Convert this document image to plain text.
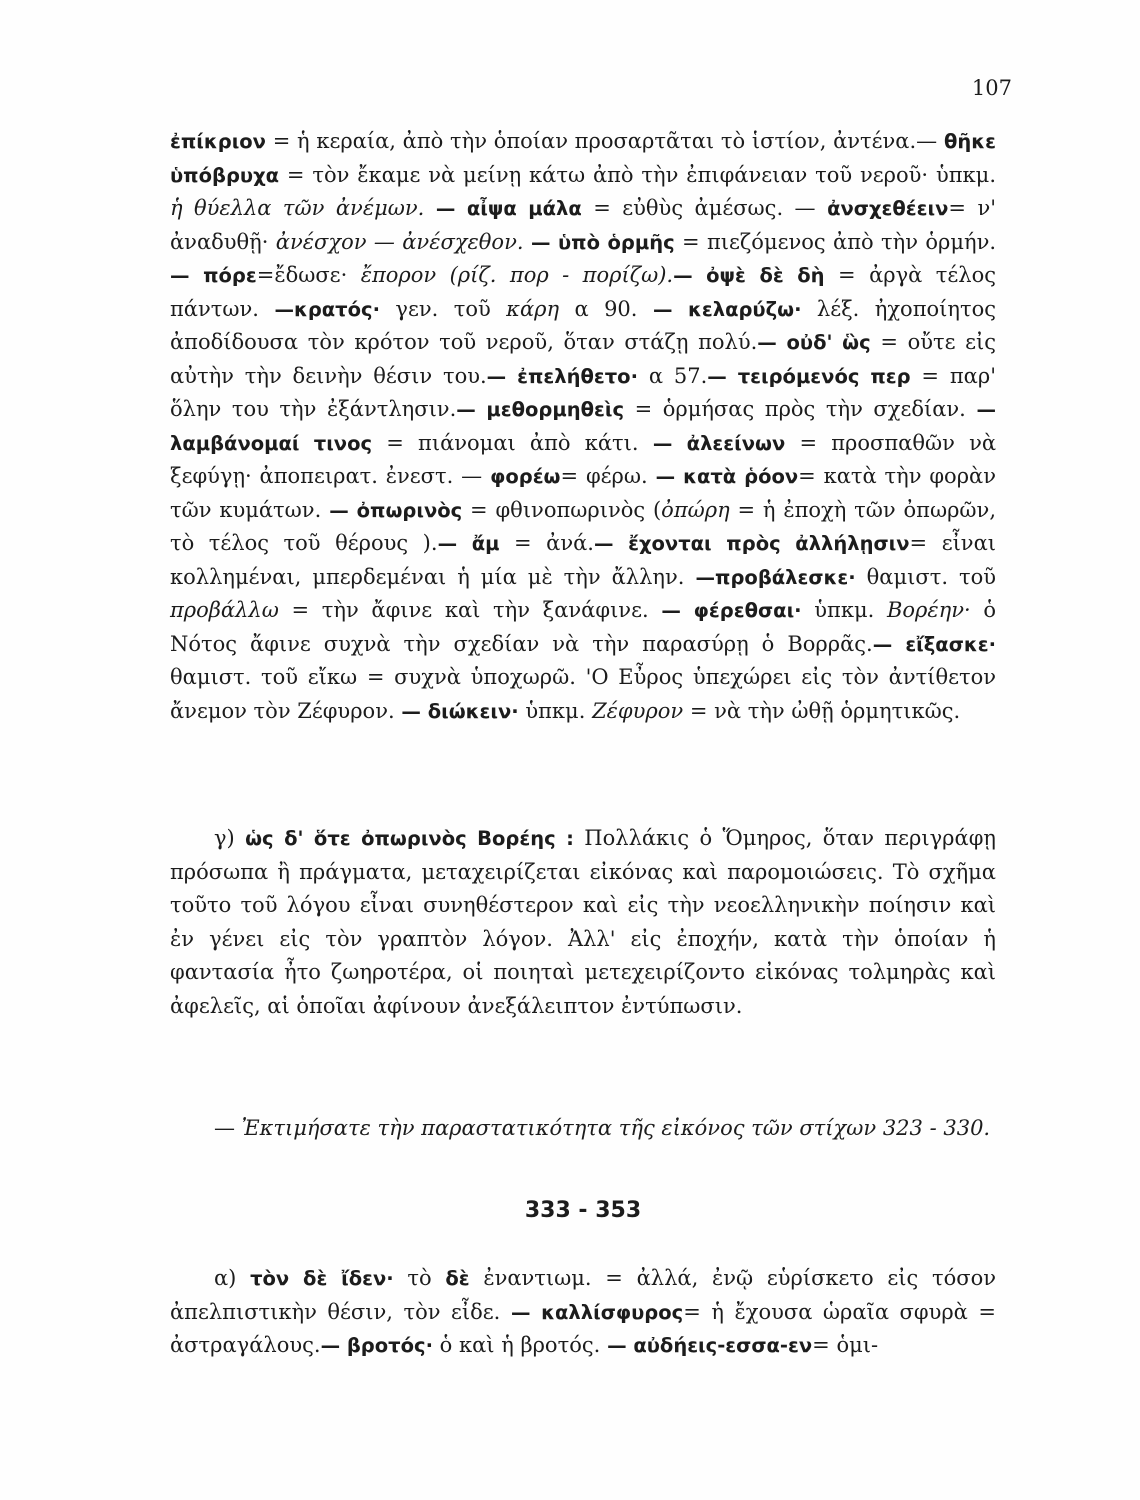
107
ἐπίκριον = ἡ κεραία, ἀπὸ τὴν ὁποίαν προσαρτᾶται τὸ ἱστίον, ἀντένα.— θῆκε ὑπόβρυχα = τὸν ἔκαμε νὰ μείνῃ κάτω ἀπὸ τὴν ἐπιφάνειαν τοῦ νεροῦ· ὑπκμ. ἡ θύελλα τῶν ἀνέμων. — αἶψα μάλα = εὐθὺς ἀμέσως. — ἀνσχεθέειν= ν' ἀναδυθῇ· ἀνέσχον — ἀνέσχεθον. — ὑπὸ ὁρμῆς = πιεζόμενος ἀπὸ τὴν ὁρμήν. — πόρε=ἔδωσε· ἔπορον (ρίζ. πορ - πορίζω).— ὀψὲ δὲ δὴ = ἀργὰ τέλος πάντων. —κρατός· γεν. τοῦ κάρη α 90. — κελαρύζω· λέξ. ἠχοποίητος ἀποδίδουσα τὸν κρότον τοῦ νεροῦ, ὅταν στάζῃ πολύ.— οὐδ' ὣς = οὔτε εἰς αὐτὴν τὴν δεινὴν θέσιν του.— ἐπελήθετο· α 57.— τειρόμενός περ = παρ' ὅλην του τὴν ἐξάντλησιν.— μεθορμηθεὶς = ὁρμήσας πρὸς τὴν σχεδίαν. — λαμβάνομαί τινος = πιάνομαι ἀπὸ κάτι. — ἀλεείνων = προσπαθῶν νὰ ξεφύγῃ· ἀποπειρατ. ἐνεστ. — φορέω= φέρω. — κατὰ ῥόον= κατὰ τὴν φορὰν τῶν κυμάτων. — ὀπωρινὸς = φθινοπωρινὸς (ὀπώρη = ἡ ἐποχὴ τῶν ὀπωρῶν, τὸ τέλος τοῦ θέρους ).— ἄμ = ἀνά.— ἔχονται πρὸς ἀλλήλῃσιν= εἶναι κολλημέναι, μπερδεμέναι ἡ μία μὲ τὴν ἄλλην. —προβάλεσκε· θαμιστ. τοῦ προβάλλω = τὴν ἄφινε καὶ τὴν ξανάφινε. — φέρεθσαι· ὑπκμ. Βορέην· ὁ Νότος ἄφινε συχνὰ τὴν σχεδίαν νὰ τὴν παρασύρῃ ὁ Βορρᾶς.— εἴξασκε· θαμιστ. τοῦ εἴκω = συχνὰ ὑποχωρῶ. 'Ο Εὖρος ὑπεχώρει εἰς τὸν ἀντίθετον ἄνεμον τὸν Ζέφυρον. — διώκειν· ὑπκμ. Ζέφυρον = νὰ τὴν ὠθῇ ὁρμητικῶς.
γ) ὡς δ' ὅτε ὀπωρινὸς Βορέης : Πολλάκις ὁ Ὅμηρος, ὅταν περιγράφῃ πρόσωπα ἢ πράγματα, μεταχειρίζεται εἰκόνας καὶ παρομοιώσεις. Τὸ σχῆμα τοῦτο τοῦ λόγου εἶναι συνηθέστερον καὶ εἰς τὴν νεοελληνικὴν ποίησιν καὶ ἐν γένει εἰς τὸν γραπτὸν λόγον. Ἀλλ' εἰς ἐποχήν, κατὰ τὴν ὁποίαν ἡ φαντασία ἦτο ζωηροτέρα, οἱ ποιηταὶ μετεχειρίζοντο εἰκόνας τολμηρὰς καὶ ἀφελεῖς, αἱ ὁποῖαι ἀφίνουν ἀνεξάλειπτον ἐντύπωσιν.
— Ἐκτιμήσατε τὴν παραστατικότητα τῆς εἰκόνος τῶν στίχων 323 - 330.
333 - 353
α) τὸν δὲ ἴδεν· τὸ δὲ ἐναντιωμ. = ἀλλά, ἐνῷ εὑρίσκετο εἰς τόσον ἀπελπιστικὴν θέσιν, τὸν εἶδε. — καλλίσφυρος= ἡ ἔχουσα ὡραῖα σφυρὰ = ἀστραγάλους.— βροτός· ὁ καὶ ἡ βροτός. — αὐδήεις-εσσα-εν= ὁμι-
